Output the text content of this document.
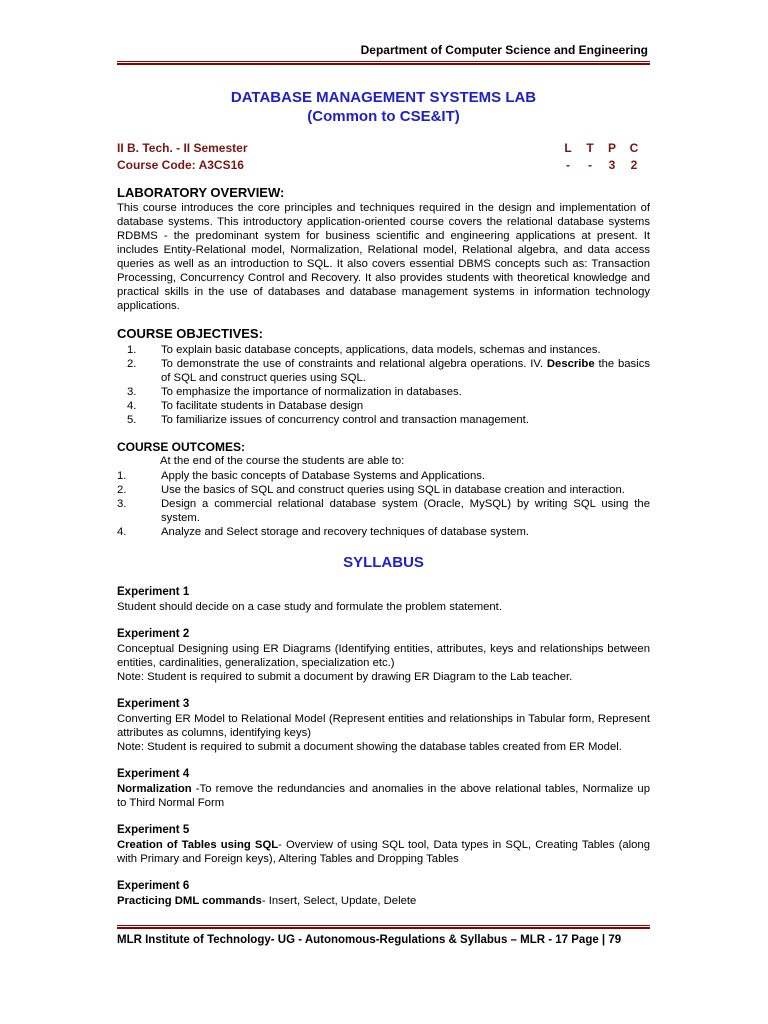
Department of Computer Science and Engineering
DATABASE MANAGEMENT SYSTEMS LAB
(Common to CSE&IT)
II B. Tech. - II Semester
Course Code: A3CS16
L T P C
- - 3 2
LABORATORY OVERVIEW:
This course introduces the core principles and techniques required in the design and implementation of database systems. This introductory application-oriented course covers the relational database systems RDBMS - the predominant system for business scientific and engineering applications at present. It includes Entity-Relational model, Normalization, Relational model, Relational algebra, and data access queries as well as an introduction to SQL. It also covers essential DBMS concepts such as: Transaction Processing, Concurrency Control and Recovery. It also provides students with theoretical knowledge and practical skills in the use of databases and database management systems in information technology applications.
COURSE OBJECTIVES:
1.	To explain basic database concepts, applications, data models, schemas and instances.
2.	To demonstrate the use of constraints and relational algebra operations. IV. Describe the basics of SQL and construct queries using SQL.
3.	To emphasize the importance of normalization in databases.
4.	To facilitate students in Database design
5.	To familiarize issues of concurrency control and transaction management.
COURSE OUTCOMES:
At the end of the course the students are able to:
1.	Apply the basic concepts of Database Systems and Applications.
2.	Use the basics of SQL and construct queries using SQL in database creation and interaction.
3.	Design a commercial relational database system (Oracle, MySQL) by writing SQL using the system.
4.	Analyze and Select storage and recovery techniques of database system.
SYLLABUS
Experiment 1
Student should decide on a case study and formulate the problem statement.
Experiment 2
Conceptual Designing using ER Diagrams (Identifying entities, attributes, keys and relationships between entities, cardinalities, generalization, specialization etc.)
Note: Student is required to submit a document by drawing ER Diagram to the Lab teacher.
Experiment 3
Converting ER Model to Relational Model (Represent entities and relationships in Tabular form, Represent attributes as columns, identifying keys)
Note: Student is required to submit a document showing the database tables created from ER Model.
Experiment 4
Normalization -To remove the redundancies and anomalies in the above relational tables, Normalize up to Third Normal Form
Experiment 5
Creation of Tables using SQL- Overview of using SQL tool, Data types in SQL, Creating Tables (along with Primary and Foreign keys), Altering Tables and Dropping Tables
Experiment 6
Practicing DML commands- Insert, Select, Update, Delete
MLR Institute of Technology- UG - Autonomous-Regulations & Syllabus – MLR - 17 Page | 79
